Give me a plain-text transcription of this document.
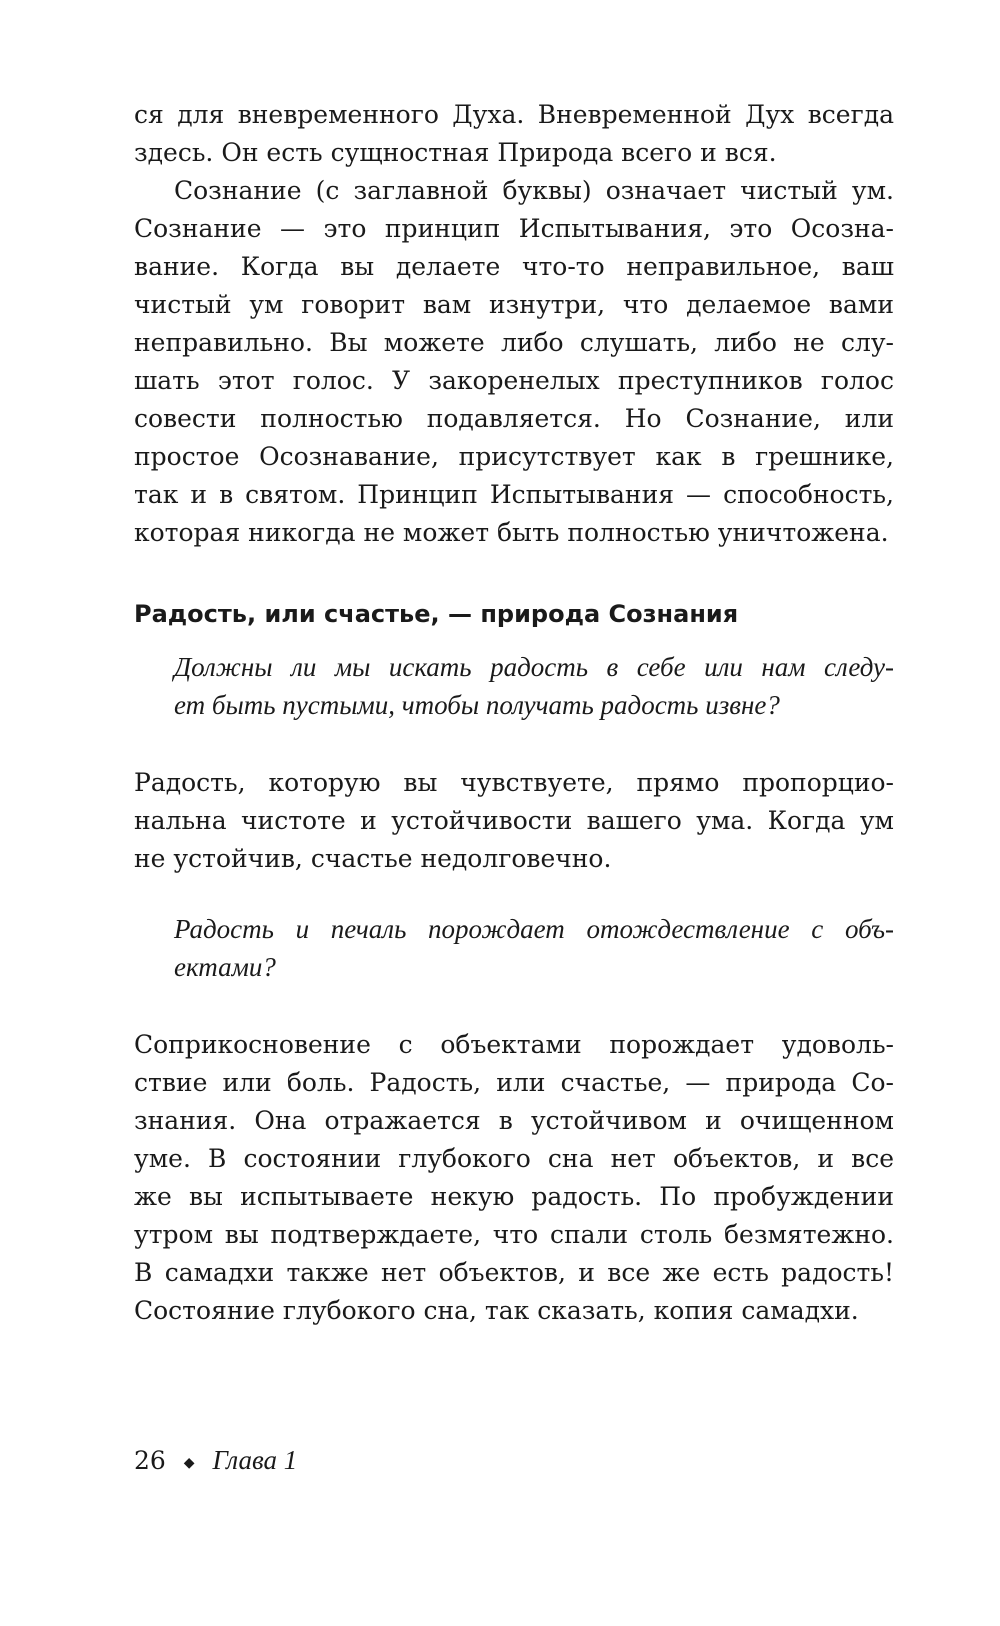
ся для вневременного Духа. Вневременной Дух всегда
здесь. Он есть сущностная Природа всего и вся.
Сознание (с заглавной буквы) означает чистый ум.
Сознание — это принцип Испытывания, это Осозна-
вание. Когда вы делаете что-то неправильное, ваш
чистый ум говорит вам изнутри, что делаемое вами
неправильно. Вы можете либо слушать, либо не слу-
шать этот голос. У закоренелых преступников голос
совести полностью подавляется. Но Сознание, или
простое Осознавание, присутствует как в грешнике,
так и в святом. Принцип Испытывания — способность,
которая никогда не может быть полностью уничтожена.
Радость, или счастье, — природа Сознания
Должны ли мы искать радость в себе или нам следу-
ет быть пустыми, чтобы получать радость извне?
Радость, которую вы чувствуете, прямо пропорцио-
нальна чистоте и устойчивости вашего ума. Когда ум
не устойчив, счастье недолговечно.
Радость и печаль порождает отождествление с объ-
ектами?
Соприкосновение с объектами порождает удоволь-
ствие или боль. Радость, или счастье, — природа Со-
знания. Она отражается в устойчивом и очищенном
уме. В состоянии глубокого сна нет объектов, и все
же вы испытываете некую радость. По пробуждении
утром вы подтверждаете, что спали столь безмятежно.
В самадхи также нет объектов, и все же есть радость!
Состояние глубокого сна, так сказать, копия самадхи.
26 ◆ Глава 1
